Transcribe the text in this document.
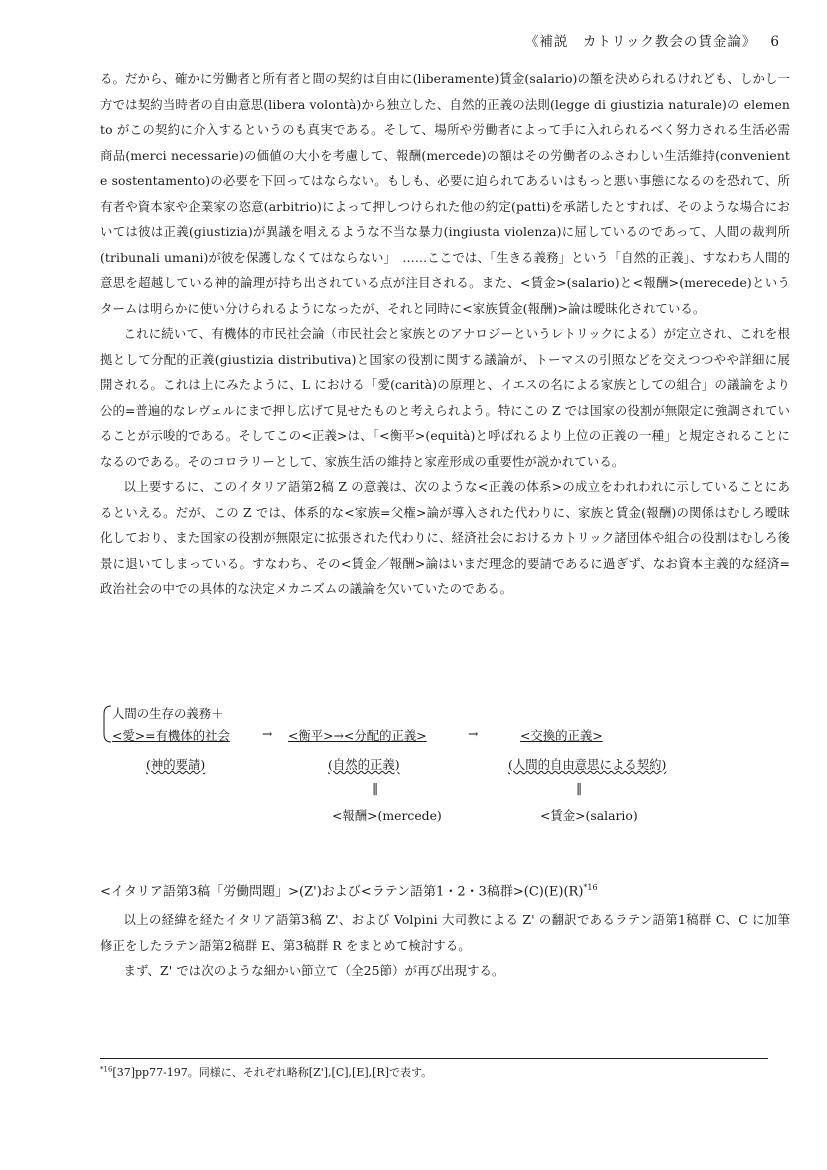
《補説　カトリック教会の賃金論》 6

る。だから、確かに労働者と所有者と間の契約は自由に(liberamente)賃金(salario)の額を決められるけれども、しかし一方では契約当時者の自由意思(libera volontà)から独立した、自然的正義の法則(legge di giustizia naturale)の elemento がこの契約に介入するというのも真実である。そして、場所や労働者によって手に入れられるべく努力される生活必需商品(merci necessarie)の価値の大小を考慮して、報酬(mercede)の額はその労働者のふさわしい生活維持(conveniente sostentamento)の必要を下回ってはならない。もしも、必要に迫られてあるいはもっと悪い事態になるのを恐れて、所有者や資本家や企業家の恣意(arbitrio)によって押しつけられた他の約定(patti)を承諾したとすれば、そのような場合においては彼は正義(giustizia)が異議を唱えるような不当な暴力(ingiusta violenza)に屈しているのであって、人間の裁判所(tribunali umani)が彼を保護しなくてはならない」　……ここでは、「生きる義務」という「自然的正義」、すなわち人間的意思を超越している神的論理が持ち出されている点が注目される。また、<賃金>(salario)と<報酬>(merecede)というタームは明らかに使い分けられるようになったが、それと同時に<家族賃金(報酬)>論は曖昧化されている。

これに続いて、有機体的市民社会論（市民社会と家族とのアナロジーというレトリックによる）が定立され、これを根拠として分配的正義(giustizia distributiva)と国家の役割に関する議論が、トーマスの引照などを交えつつやや詳細に展開される。これは上にみたように、L における「愛(carità)の原理と、イエスの名による家族としての組合」の議論をより公的=普遍的なレヴェルにまで押し広げて見せたものと考えられよう。特にこの Z では国家の役割が無限定に強調されていることが示唆的である。そしてこの<正義>は、「<衡平>(equità)と呼ばれるより上位の正義の一種」と規定されることになるのである。そのコロラリーとして、家族生活の維持と家産形成の重要性が説かれている。

以上要するに、このイタリア語第2稿 Z の意義は、次のような<正義の体系>の成立をわれわれに示していることにあるといえる。だが、この Z では、体系的な<家族=父権>論が導入された代わりに、家族と賃金(報酬)の関係はむしろ曖昧化しており、また国家の役割が無限定に拡張された代わりに、経済社会におけるカトリック諸団体や組合の役割はむしろ後景に退いてしまっている。すなわち、その<賃金／報酬>論はいまだ理念的要請であるに過ぎず、なお資本主義的な経済=政治社会の中での具体的な決定メカニズムの議論を欠いていたのである。

人間の生存の義務＋
<愛>=有機体的社会	→ <衡平>→<分配的正義>	→	<交換的正義>
(神的要請)	(自然的正義)	(人間的自由意思による契約)
‖	‖
<報酬>(mercede)	<賃金>(salario)

<イタリア語第3稿「労働問題」>(Z')および<ラテン語第1・2・3稿群$>(C)(E)(R)^{*16}$

以上の経緯を経たイタリア語第3稿 Z'、および Volpini 大司教による Z' の翻訳であるラテン語第1稿群 C、C に加筆修正をしたラテン語第2稿群 E、第3稿群 R をまとめて検討する。

まず、Z' では次のような細かい節立て（全25節）が再び出現する。

$^{*16}$[37]pp77-197。同様に、それぞれ略称[Z'],[C],[E],[R]で表す。
